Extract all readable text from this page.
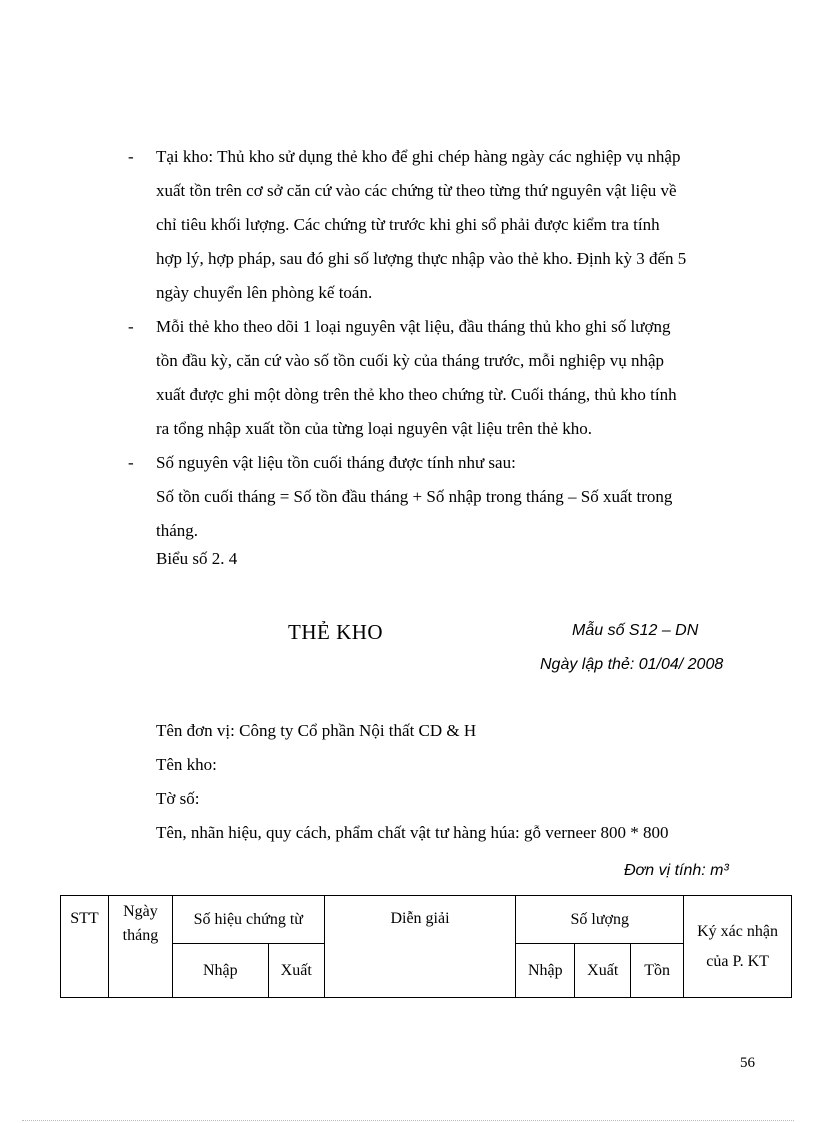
- Tại kho: Thủ kho sử dụng thẻ kho để ghi chép hàng ngày các nghiệp vụ nhập
xuất tồn trên cơ sở căn cứ vào các chứng từ theo từng thứ nguyên vật liệu về
chỉ tiêu khối lượng. Các chứng từ trước khi ghi sổ phải được kiểm tra tính
hợp lý, hợp pháp, sau đó ghi số lượng thực nhập vào thẻ kho. Định kỳ 3 đến 5
ngày chuyển lên phòng kế toán.
- Mỗi thẻ kho theo dõi 1 loại nguyên vật liệu, đầu tháng thủ kho ghi số lượng
tồn đầu kỳ, căn cứ vào số tồn cuối kỳ của tháng trước, mỗi nghiệp vụ nhập
xuất được ghi một dòng trên thẻ kho theo chứng từ. Cuối tháng, thủ kho tính
ra tổng nhập xuất tồn của từng loại nguyên vật liệu trên thẻ kho.
- Số nguyên vật liệu tồn cuối tháng được tính như sau:
Số tồn cuối tháng = Số tồn đầu tháng + Số nhập trong tháng – Số xuất trong
tháng.
Biểu số 2. 4
THẺ KHO	Mẫu số S12 – DN
Ngày lập thẻ: 01/04/ 2008
Tên đơn vị: Công ty Cổ phần Nội thất CD & H
Tên kho:
Tờ số:
Tên, nhãn hiệu, quy cách, phẩm chất vật tư hàng húa: gỗ verneer 800 * 800
Đơn vị tính: m³
STT	Ngày tháng	Số hiệu chứng từ		Diễn giải	Số lượng			Ký xác nhận của P. KT
		Nhập	Xuất		Nhập	Xuất	Tồn	
56
